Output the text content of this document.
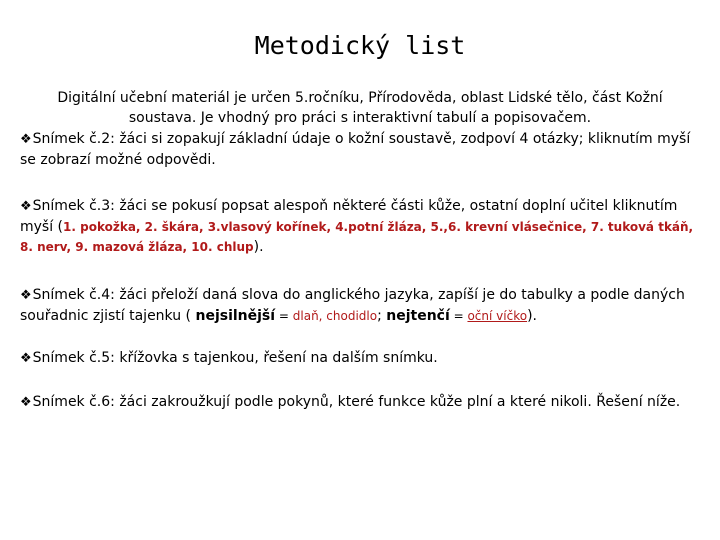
Metodický list
Digitální učební materiál je určen 5.ročníku, Přírodověda, oblast Lidské tělo, část Kožní soustava. Je vhodný pro práci s interaktivní tabulí a popisovačem.
❖Snímek č.2: žáci si zopakují základní údaje o kožní soustavě, zodpoví 4 otázky; kliknutím myší se zobrazí možné odpovědi.
❖Snímek č.3: žáci se pokusí popsat alespoň některé části kůže, ostatní doplní učitel kliknutím myší (1. pokožka, 2. škára, 3.vlasový kořínek, 4.potní žláza, 5.,6. krevní vlásečnice, 7. tuková tkáň, 8. nerv, 9. mazová žláza, 10. chlup).
❖Snímek č.4: žáci přeloží daná slova do anglického jazyka, zapíší je do tabulky a podle daných souřadnic zjistí tajenku ( nejsilnější = dlaň, chodidlo; nejtenčí = oční víčko).
❖Snímek č.5: křížovka s tajenkou, řešení na dalším snímku.
❖Snímek č.6: žáci zakroužkují podle pokynů, které funkce kůže plní a které nikoli. Řešení níže.
